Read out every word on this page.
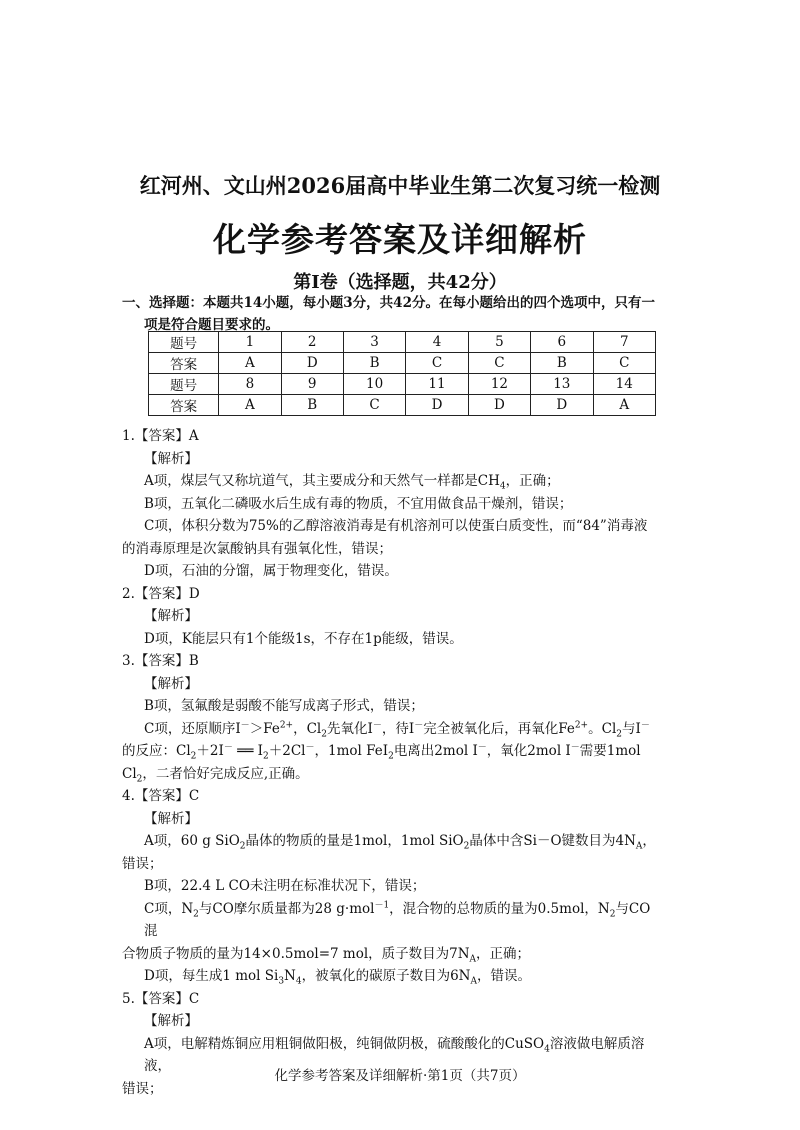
红河州、文山州2026届高中毕业生第二次复习统一检测
化学参考答案及详细解析
第Ⅰ卷（选择题，共42分）
一、选择题：本题共14小题，每小题3分，共42分。在每小题给出的四个选项中，只有一
项是符合题目要求的。
题号	1	2	3	4	5	6	7
答案	A	D	B	C	C	B	C
题号	8	9	10	11	12	13	14
答案	A	B	C	D	D	D	A

1.【答案】A

【解析】

A项，煤层气又称坑道气，其主要成分和天然气一样都是$CH_4$，正确；

B项，五氧化二磷吸水后生成有毒的物质，不宜用做食品干燥剂，错误；

C项，体积分数为75%的乙醇溶液消毒是有机溶剂可以使蛋白质变性，而“84”消毒液

的消毒原理是次氯酸钠具有强氧化性，错误；

D项，石油的分馏，属于物理变化，错误。

2.【答案】D

【解析】

D项，K能层只有1个能级1s，不存在1p能级，错误。

3.【答案】B

【解析】

B项，氢氟酸是弱酸不能写成离子形式，错误；

C项，还原顺序$I^->Fe^{2+}$，$Cl_2$先氧化I－，待I－完全被氧化后，再氧化$Fe^{2+}$。$Cl_2$与I－

的反应：$Cl_2+2I^-$ ══ $I_2+2Cl^-$，1mol FeI$_2$电离出2mol I－，氧化2mol I－需要1mol

$Cl_2$，二者恰好完成反应,正确。

4.【答案】C

【解析】

A项，60 g SiO$_2$晶体的物质的量是1mol，1mol SiO$_2$晶体中含Si－O键数目为$4N_A$，

错误；

B项，22.4 L CO未注明在标准状况下，错误；

C项，$N_2$与CO摩尔质量都为28 g·mol$^{-1}$，混合物的总物质的量为0.5mol，$N_2$与CO混

合物质子物质的量为14×0.5mol=7 mol，质子数目为$7N_A$，正确；

D项，每生成1 mol $Si_3N_4$，被氧化的碳原子数目为$6N_A$，错误。

5.【答案】C

【解析】

A项，电解精炼铜应用粗铜做阳极，纯铜做阴极，硫酸酸化的CuSO$_4$溶液做电解质溶液，

错误；

化学参考答案及详细解析·第1页（共7页）
